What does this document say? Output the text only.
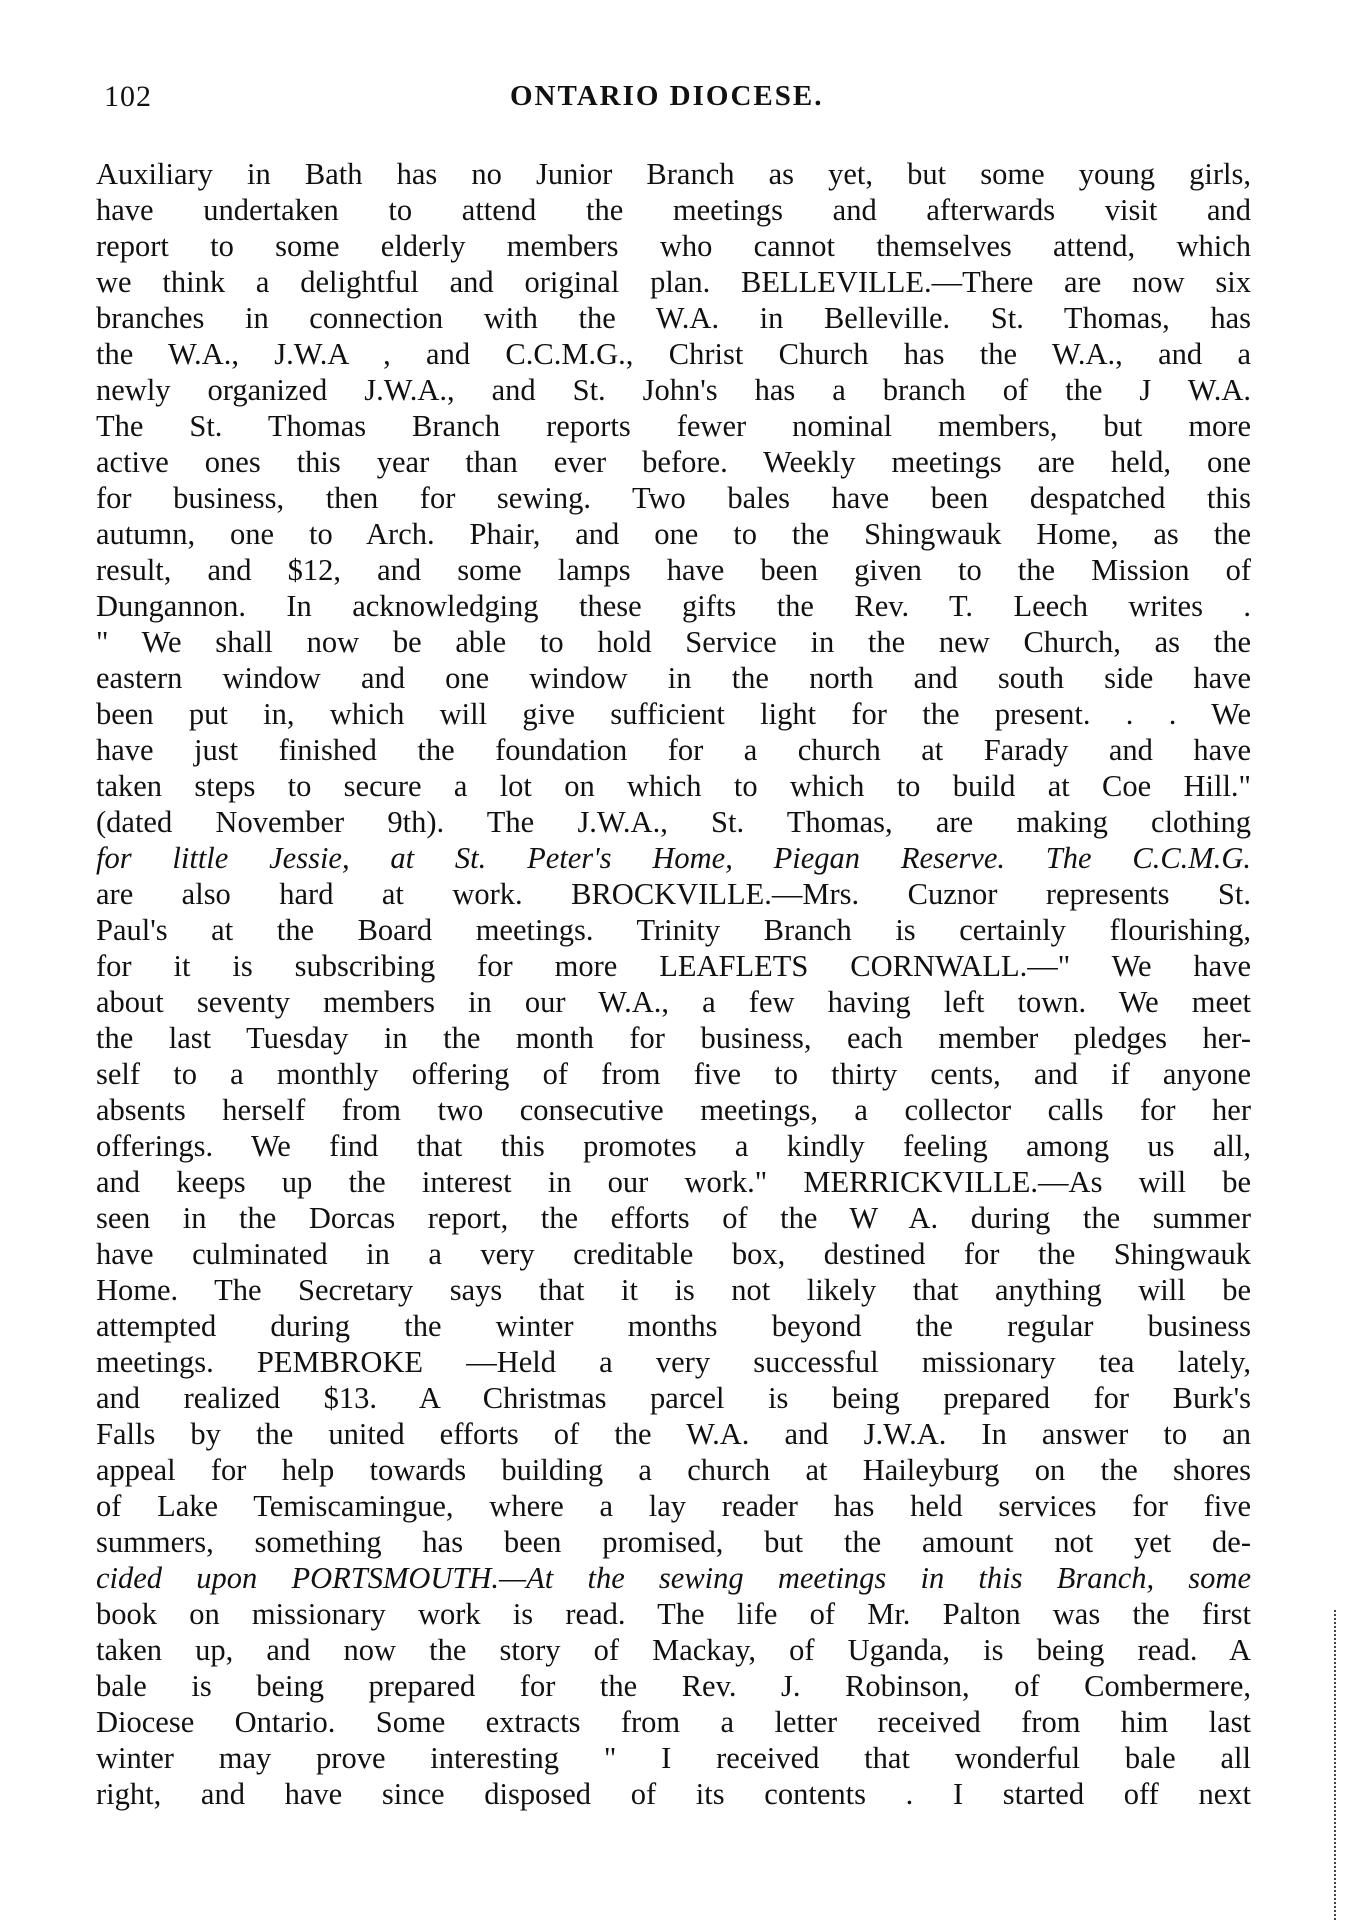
102	ONTARIO DIOCESE.
Auxiliary in Bath has no Junior Branch as yet, but some young girls,
have undertaken to attend the meetings and afterwards visit and
report to some elderly members who cannot themselves attend, which
we think a delightful and original plan. BELLEVILLE.—There are now six
branches in connection with the W.A. in Belleville. St. Thomas, has
the W.A., J.W.A , and C.C.M.G., Christ Church has the W.A., and a
newly organized J.W.A., and St. John's has a branch of the J W.A.
The St. Thomas Branch reports fewer nominal members, but more
active ones this year than ever before. Weekly meetings are held, one
for business, then for sewing. Two bales have been despatched this
autumn, one to Arch. Phair, and one to the Shingwauk Home, as the
result, and $12, and some lamps have been given to the Mission of
Dungannon. In acknowledging these gifts the Rev. T. Leech writes .
" We shall now be able to hold Service in the new Church, as the
eastern window and one window in the north and south side have
been put in, which will give sufficient light for the present. . . We
have just finished the foundation for a church at Farady and have
taken steps to secure a lot on which to which to build at Coe Hill."
(dated November 9th). The J.W.A., St. Thomas, are making clothing
for little Jessie, at St. Peter's Home, Piegan Reserve. The C.C.M.G.
are also hard at work. BROCKVILLE.—Mrs. Cuznor represents St.
Paul's at the Board meetings. Trinity Branch is certainly flourishing,
for it is subscribing for more LEAFLETS CORNWALL.—" We have
about seventy members in our W.A., a few having left town. We meet
the last Tuesday in the month for business, each member pledges her-
self to a monthly offering of from five to thirty cents, and if anyone
absents herself from two consecutive meetings, a collector calls for her
offerings. We find that this promotes a kindly feeling among us all,
and keeps up the interest in our work." MERRICKVILLE.—As will be
seen in the Dorcas report, the efforts of the W A. during the summer
have culminated in a very creditable box, destined for the Shingwauk
Home. The Secretary says that it is not likely that anything will be
attempted during the winter months beyond the regular business
meetings. PEMBROKE —Held a very successful missionary tea lately,
and realized $13. A Christmas parcel is being prepared for Burk's
Falls by the united efforts of the W.A. and J.W.A. In answer to an
appeal for help towards building a church at Haileyburg on the shores
of Lake Temiscamingue, where a lay reader has held services for five
summers, something has been promised, but the amount not yet de-
cided upon PORTSMOUTH.—At the sewing meetings in this Branch, some
book on missionary work is read. The life of Mr. Palton was the first
taken up, and now the story of Mackay, of Uganda, is being read. A
bale is being prepared for the Rev. J. Robinson, of Combermere,
Diocese Ontario. Some extracts from a letter received from him last
winter may prove interesting " I received that wonderful bale all
right, and have since disposed of its contents . I started off next
